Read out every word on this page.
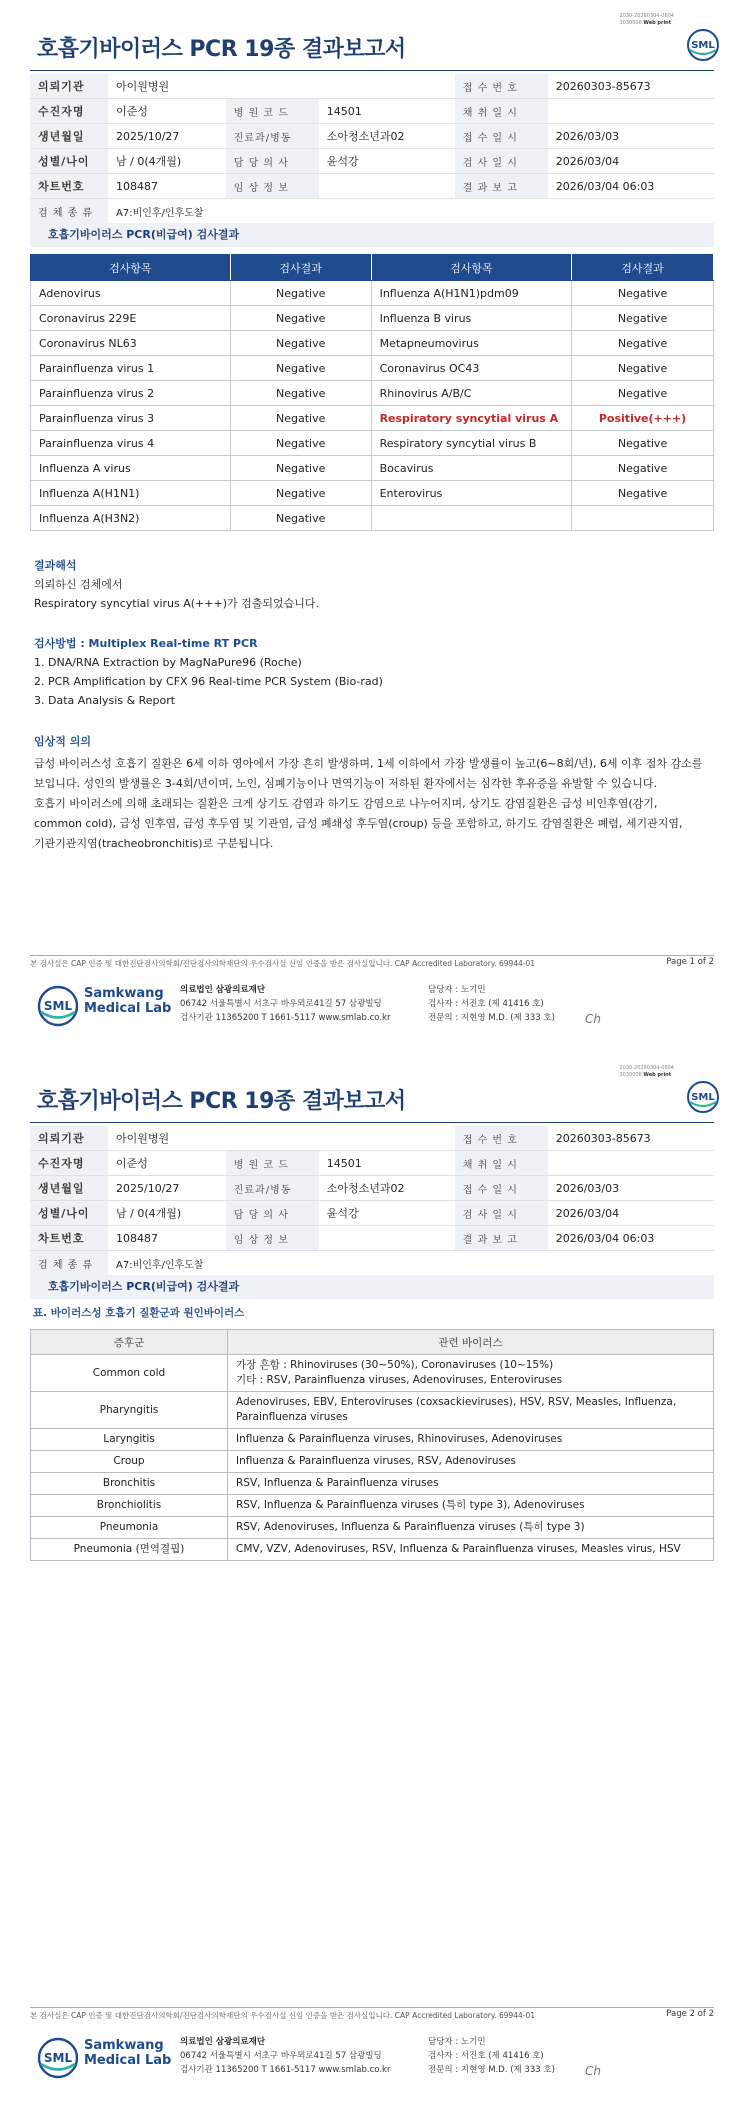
2030-20260304-0604
3030006 Web print
호흡기바이러스 PCR 19종 결과보고서	SML
의뢰기관	아이원병원			접 수 번 호	20260303-85673
수진자명	이준성	병 원 코 드	14501	채 취 일 시	
생년월일	2025/10/27	진료과/병동	소아청소년과02	접 수 일 시	2026/03/03
성별/나이	남 / 0(4개월)	담 당 의 사	윤석강	검 사 일 시	2026/03/04
차트번호	108487	임 상 정 보		결 과 보 고	2026/03/04 06:03
검 체 종 류	A7:비인후/인후도찰				
호흡기바이러스 PCR(비급여) 검사결과
검사항목	검사결과	검사항목	검사결과
Adenovirus	Negative	Influenza A(H1N1)pdm09	Negative
Coronavirus 229E	Negative	Influenza B virus	Negative
Coronavirus NL63	Negative	Metapneumovirus	Negative
Parainfluenza virus 1	Negative	Coronavirus OC43	Negative
Parainfluenza virus 2	Negative	Rhinovirus A/B/C	Negative
Parainfluenza virus 3	Negative	Respiratory syncytial virus A	Positive(+++)
Parainfluenza virus 4	Negative	Respiratory syncytial virus B	Negative
Influenza A virus	Negative	Bocavirus	Negative
Influenza A(H1N1)	Negative	Enterovirus	Negative
Influenza A(H3N2)	Negative		
결과해석

의뢰하신 검체에서

Respiratory syncytial virus A(+++)가 검출되었습니다.

검사방법 : Multiplex Real-time RT PCR

1. DNA/RNA Extraction by MagNaPure96 (Roche)

2. PCR Amplification by CFX 96 Real-time PCR System (Bio-rad)

3. Data Analysis & Report

임상적 의의

급성 바이러스성 호흡기 질환은 6세 이하 영아에서 가장 흔히 발생하며, 1세 이하에서 가장 발생률이 높고(6~8회/년), 6세 이후 점차 감소를

보입니다. 성인의 발생률은 3-4회/년이며, 노인, 심폐기능이나 면역기능이 저하된 환자에서는 심각한 후유증을 유발할 수 있습니다.

호흡기 바이러스에 의해 초래되는 질환은 크게 상기도 감염과 하기도 감염으로 나누어지며, 상기도 감염질환은 급성 비인후염(감기,

common cold), 급성 인후염, 급성 후두염 및 기관염, 급성 폐쇄성 후두염(croup) 등을 포함하고, 하기도 감염질환은 폐렴, 세기관지염,

기관기관지염(tracheobronchitis)로 구분됩니다.

본 검사실은 CAP 인증 및 대한진단검사의학회/진단검사의학재단의 우수검사실 신임 인증을 받은 검사실입니다. CAP Accredited Laboratory. 69944-01	Page 1 of 2
SML
Samkwang
Medical Lab
의료법인 삼광의료재단
06742 서울특별시 서초구 바우뫼로41길 57 삼광빌딩
검사기관 11365200 T 1661-5117 www.smlab.co.kr
담당자 : 노기민
검사자 : 서진호 (제 41416 호)
전문의 : 지현영 M.D. (제 333 호)	Ch
2030-20260304-0604
3030006 Web print
호흡기바이러스 PCR 19종 결과보고서	SML
의뢰기관	아이원병원			접 수 번 호	20260303-85673
수진자명	이준성	병 원 코 드	14501	채 취 일 시	
생년월일	2025/10/27	진료과/병동	소아청소년과02	접 수 일 시	2026/03/03
성별/나이	남 / 0(4개월)	담 당 의 사	윤석강	검 사 일 시	2026/03/04
차트번호	108487	임 상 정 보		결 과 보 고	2026/03/04 06:03
검 체 종 류	A7:비인후/인후도찰				
호흡기바이러스 PCR(비급여) 검사결과
표. 바이러스성 호흡기 질환군과 원인바이러스
증후군	관련 바이러스
Common cold	가장 흔함 : Rhinoviruses (30~50%), Coronaviruses (10~15%)
기타 : RSV, Parainfluenza viruses, Adenoviruses, Enteroviruses

Pharyngitis	Adenoviruses, EBV, Enteroviruses (coxsackieviruses), HSV, RSV, Measles, Influenza,
Parainfluenza viruses

Laryngitis	Influenza & Parainfluenza viruses, Rhinoviruses, Adenoviruses

Croup	Influenza & Parainfluenza viruses, RSV, Adenoviruses

Bronchitis	RSV, Influenza & Parainfluenza viruses

Bronchiolitis	RSV, Influenza & Parainfluenza viruses (특히 type 3), Adenoviruses

Pneumonia	RSV, Adenoviruses, Influenza & Parainfluenza viruses (특히 type 3)

Pneumonia (면역결핍)	CMV, VZV, Adenoviruses, RSV, Influenza & Parainfluenza viruses, Measles virus, HSV
본 검사실은 CAP 인증 및 대한진단검사의학회/진단검사의학재단의 우수검사실 신임 인증을 받은 검사실입니다. CAP Accredited Laboratory. 69944-01	Page 2 of 2
SML
Samkwang
Medical Lab
의료법인 삼광의료재단
06742 서울특별시 서초구 바우뫼로41길 57 삼광빌딩
검사기관 11365200 T 1661-5117 www.smlab.co.kr
담당자 : 노기민
검사자 : 서진호 (제 41416 호)
전문의 : 지현영 M.D. (제 333 호)	Ch
